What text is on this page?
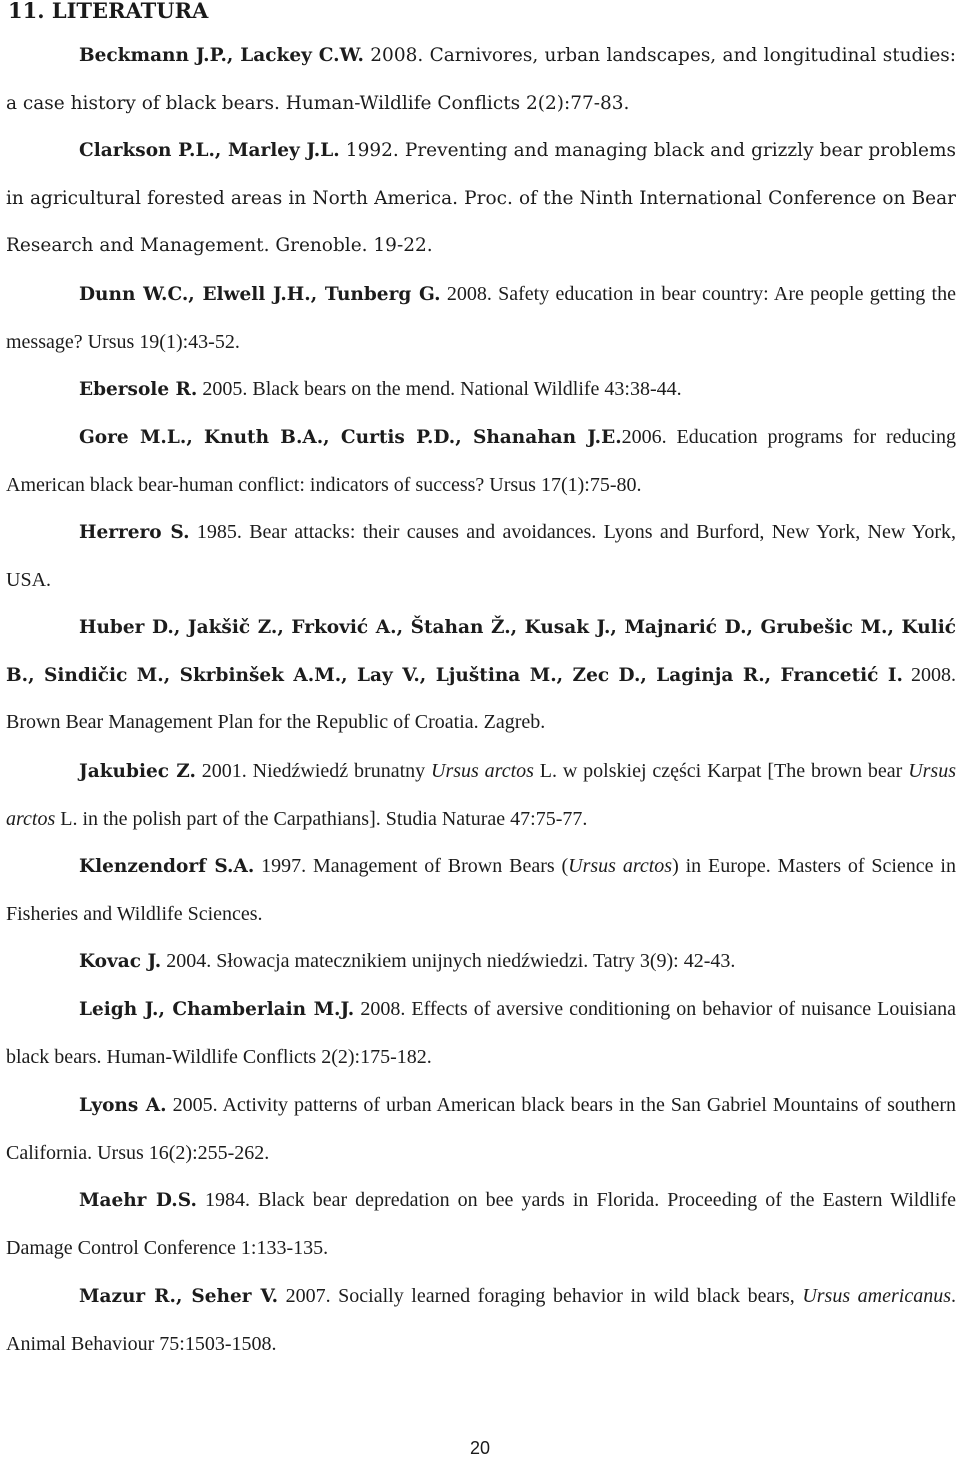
11. LITERATURA

Beckmann J.P., Lackey C.W. 2008. Carnivores, urban landscapes, and longitudinal studies: a case history of black bears. Human-Wildlife Conflicts 2(2):77-83.

Clarkson P.L., Marley J.L. 1992. Preventing and managing black and grizzly bear problems in agricultural forested areas in North America. Proc. of the Ninth International Conference on Bear Research and Management. Grenoble. 19-22.

Dunn W.C., Elwell J.H., Tunberg G. 2008. Safety education in bear country: Are people getting the message? Ursus 19(1):43-52.

Ebersole R. 2005. Black bears on the mend. National Wildlife 43:38-44.

Gore M.L., Knuth B.A., Curtis P.D., Shanahan J.E.2006. Education programs for reducing American black bear-human conflict: indicators of success? Ursus 17(1):75-80.

Herrero S. 1985. Bear attacks: their causes and avoidances. Lyons and Burford, New York, New York, USA.

Huber D., Jakšič Z., Frković A., Štahan Ž., Kusak J., Majnarić D., Grubešic M., Kulić B., Sindičic M., Skrbinšek A.M., Lay V., Ljuština M., Zec D., Laginja R., Francetić I. 2008. Brown Bear Management Plan for the Republic of Croatia. Zagreb.

Jakubiec Z. 2001. Niedźwiedź brunatny Ursus arctos L. w polskiej części Karpat [The brown bear Ursus arctos L. in the polish part of the Carpathians]. Studia Naturae 47:75-77.

Klenzendorf S.A. 1997. Management of Brown Bears (Ursus arctos) in Europe. Masters of Science in Fisheries and Wildlife Sciences.

Kovac J. 2004. Słowacja matecznikiem unijnych niedźwiedzi. Tatry 3(9): 42-43.

Leigh J., Chamberlain M.J. 2008. Effects of aversive conditioning on behavior of nuisance Louisiana black bears. Human-Wildlife Conflicts 2(2):175-182.

Lyons A. 2005. Activity patterns of urban American black bears in the San Gabriel Mountains of southern California. Ursus 16(2):255-262.

Maehr D.S. 1984. Black bear depredation on bee yards in Florida. Proceeding of the Eastern Wildlife Damage Control Conference 1:133-135.

Mazur R., Seher V. 2007. Socially learned foraging behavior in wild black bears, Ursus americanus. Animal Behaviour 75:1503-1508.

20
